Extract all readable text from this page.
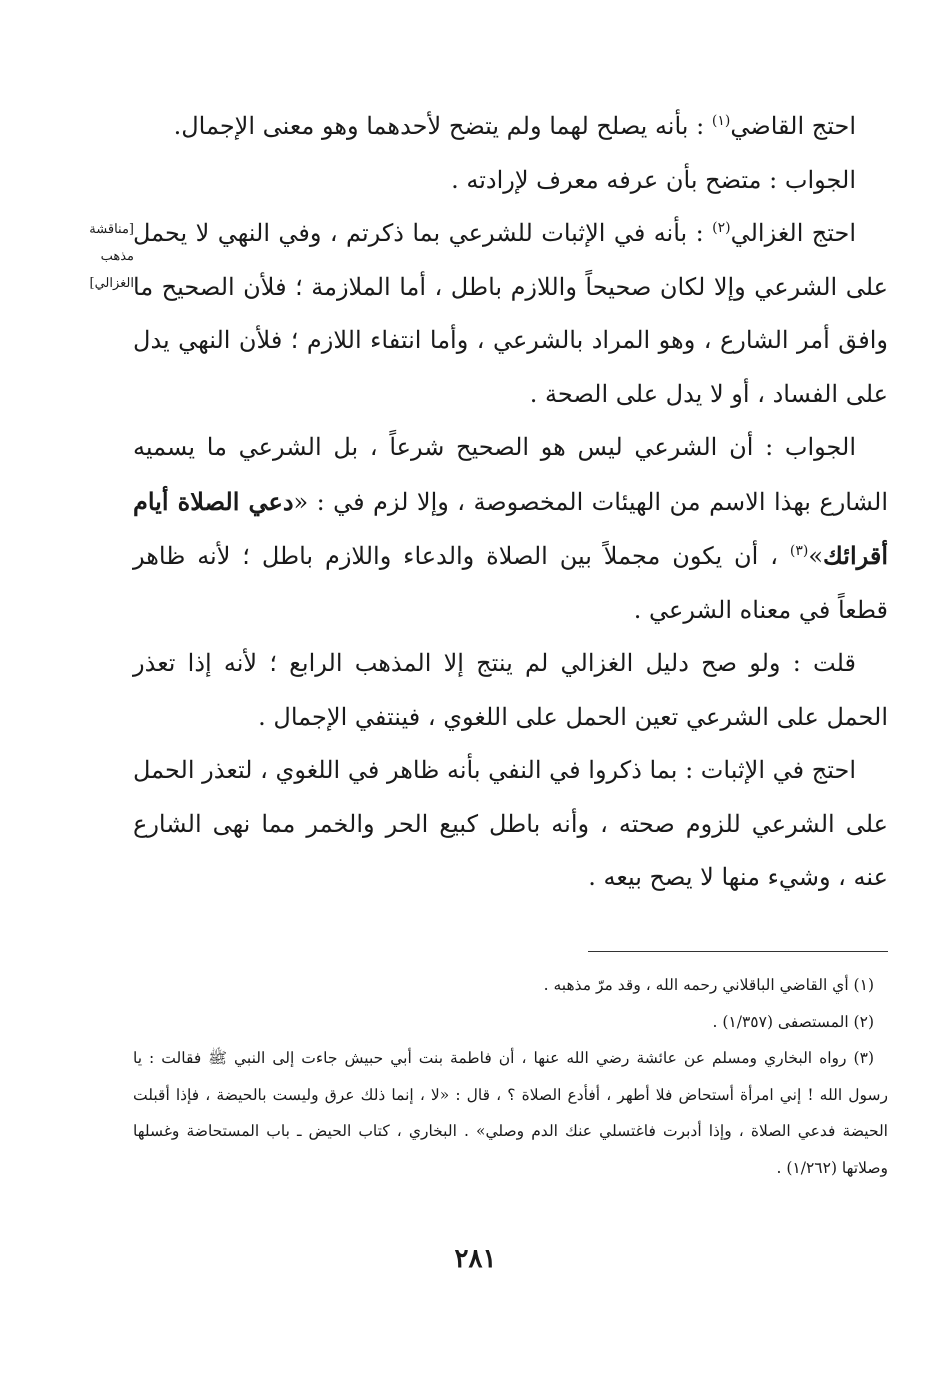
[مناقشة
مذهب
الغزالي]

احتج القاضي$^{(١)}$ : بأنه يصلح لهما ولم يتضح لأحدهما وهو معنى الإجمال.

الجواب : متضح بأن عرفه معرف لإرادته .

احتج الغزالي$^{(٢)}$ : بأنه في الإثبات للشرعي بما ذكرتم ، وفي النهي لا يحمل على الشرعي وإلا لكان صحيحاً واللازم باطل ، أما الملازمة ؛ فلأن الصحيح ما وافق أمر الشارع ، وهو المراد بالشرعي ، وأما انتفاء اللازم ؛ فلأن النهي يدل على الفساد ، أو لا يدل على الصحة .

الجواب : أن الشرعي ليس هو الصحيح شرعاً ، بل الشرعي ما يسميه الشارع بهذا الاسم من الهيئات المخصوصة ، وإلا لزم في : «دعي الصلاة أيام أقرائك»$^{(٣)}$ ، أن يكون مجملاً بين الصلاة والدعاء واللازم باطل ؛ لأنه ظاهر قطعاً في معناه الشرعي .

قلت : ولو صح دليل الغزالي لم ينتج إلا المذهب الرابع ؛ لأنه إذا تعذر الحمل على الشرعي تعين الحمل على اللغوي ، فينتفي الإجمال .

احتج في الإثبات : بما ذكروا في النفي بأنه ظاهر في اللغوي ، لتعذر الحمل على الشرعي للزوم صحته ، وأنه باطل كبيع الحر والخمر مما نهى الشارع عنه ، وشيء منها لا يصح بيعه .

(١) أي القاضي الباقلاني رحمه الله ، وقد مرّ مذهبه .

(٢) المستصفى (١/٣٥٧) .

(٣) رواه البخاري ومسلم عن عائشة رضي الله عنها ، أن فاطمة بنت أبي حبيش جاءت إلى النبي ﷺ فقالت : يا رسول الله ! إني امرأة أستحاض فلا أطهر ، أفأدع الصلاة ؟ ، قال : «لا ، إنما ذلك عرق وليست بالحيضة ، فإذا أقبلت الحيضة فدعي الصلاة ، وإذا أدبرت فاغتسلي عنك الدم وصلي» . البخاري ، كتاب الحيض ـ باب المستحاضة وغسلها وصلاتها (١/٢٦٢) .

٢٨١
